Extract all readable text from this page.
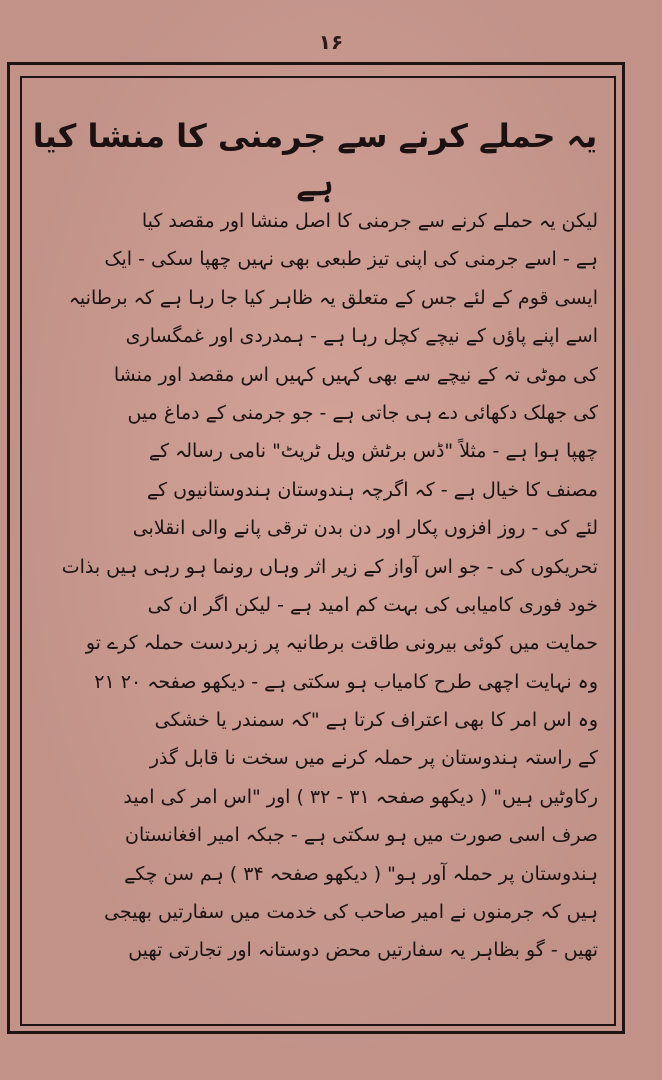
۱۶
یہ حملے کرنے سے جرمنی کا منشا کیا ہے
لیکن یہ حملے کرنے سے جرمنی کا اصل منشا اور مقصد کیا
ہے - اسے جرمنی کی اپنی تیز طبعی بھی نہیں چھپا سکی - ایک
ایسی قوم کے لئے جس کے متعلق یہ ظاہر کیا جا رہا ہے کہ برطانیہ
اسے اپنے پاؤں کے نیچے کچل رہا ہے - ہمدردی اور غمگساری
کی موٹی تہ کے نیچے سے بھی کہیں کہیں اس مقصد اور منشا
کی جھلک دکھائی دے ہی جاتی ہے - جو جرمنی کے دماغ میں
چھپا ہوا ہے - مثلاً "ڈس برٹش ویل ٹریٹ" نامی رسالہ کے
مصنف کا خیال ہے - کہ اگرچہ ہندوستان ہندوستانیوں کے
لئے کی - روز افزوں پکار اور دن بدن ترقی پانے والی انقلابی
تحریکوں کی - جو اس آواز کے زیر اثر وہاں رونما ہو رہی ہیں بذات
خود فوری کامیابی کی بہت کم امید ہے - لیکن اگر ان کی
حمایت میں کوئی بیرونی طاقت برطانیہ پر زبردست حملہ کرے تو
وہ نہایت اچھی طرح کامیاب ہو سکتی ہے - دیکھو صفحہ ۲۰ ۲۱
وہ اس امر کا بھی اعتراف کرتا ہے "کہ سمندر یا خشکی
کے راستہ ہندوستان پر حملہ کرنے میں سخت نا قابل گذر
رکاوٹیں ہیں" ( دیکھو صفحہ ۳۱ - ۳۲ ) اور "اس امر کی امید
صرف اسی صورت میں ہو سکتی ہے - جبکہ امیر افغانستان
ہندوستان پر حملہ آور ہو" ( دیکھو صفحہ ۳۴ ) ہم سن چکے
ہیں کہ جرمنوں نے امیر صاحب کی خدمت میں سفارتیں بھیجی
تھیں - گو بظاہر یہ سفارتیں محض دوستانہ اور تجارتی تھیں
